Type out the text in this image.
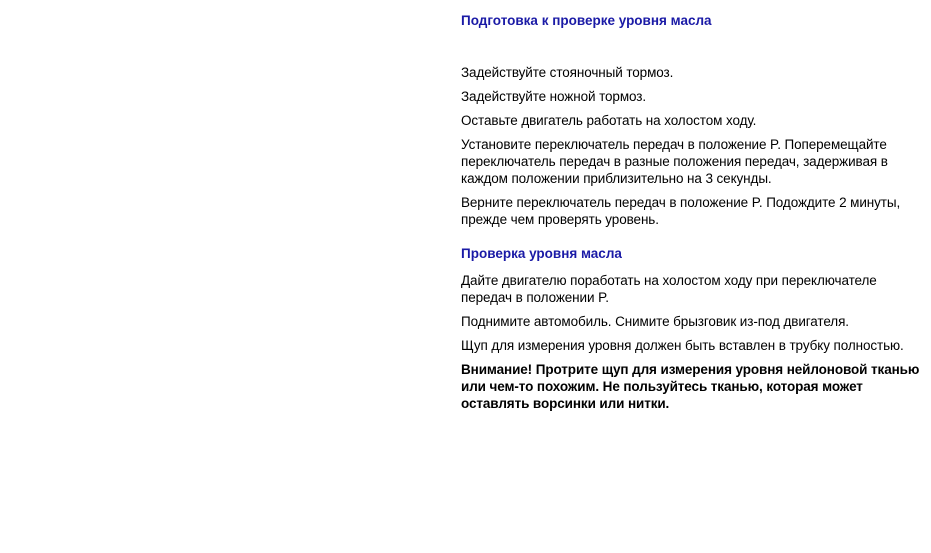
Подготовка к проверке уровня масла

Задействуйте стояночный тормоз.

Задействуйте ножной тормоз.

Оставьте двигатель работать на холостом ходу.

Установите переключатель передач в положение P. Поперемещайте переключатель передач в разные положения передач, задерживая в каждом положении приблизительно на 3 секунды.

Верните переключатель передач в положение P. Подождите 2 минуты, прежде чем проверять уровень.

Проверка уровня масла

Дайте двигателю поработать на холостом ходу при переключателе передач в положении P.

Поднимите автомобиль. Снимите брызговик из-под двигателя.

Щуп для измерения уровня должен быть вставлен в трубку полностью.

Внимание! Протрите щуп для измерения уровня нейлоновой тканью или чем-то похожим. Не пользуйтесь тканью, которая может оставлять ворсинки или нитки.
